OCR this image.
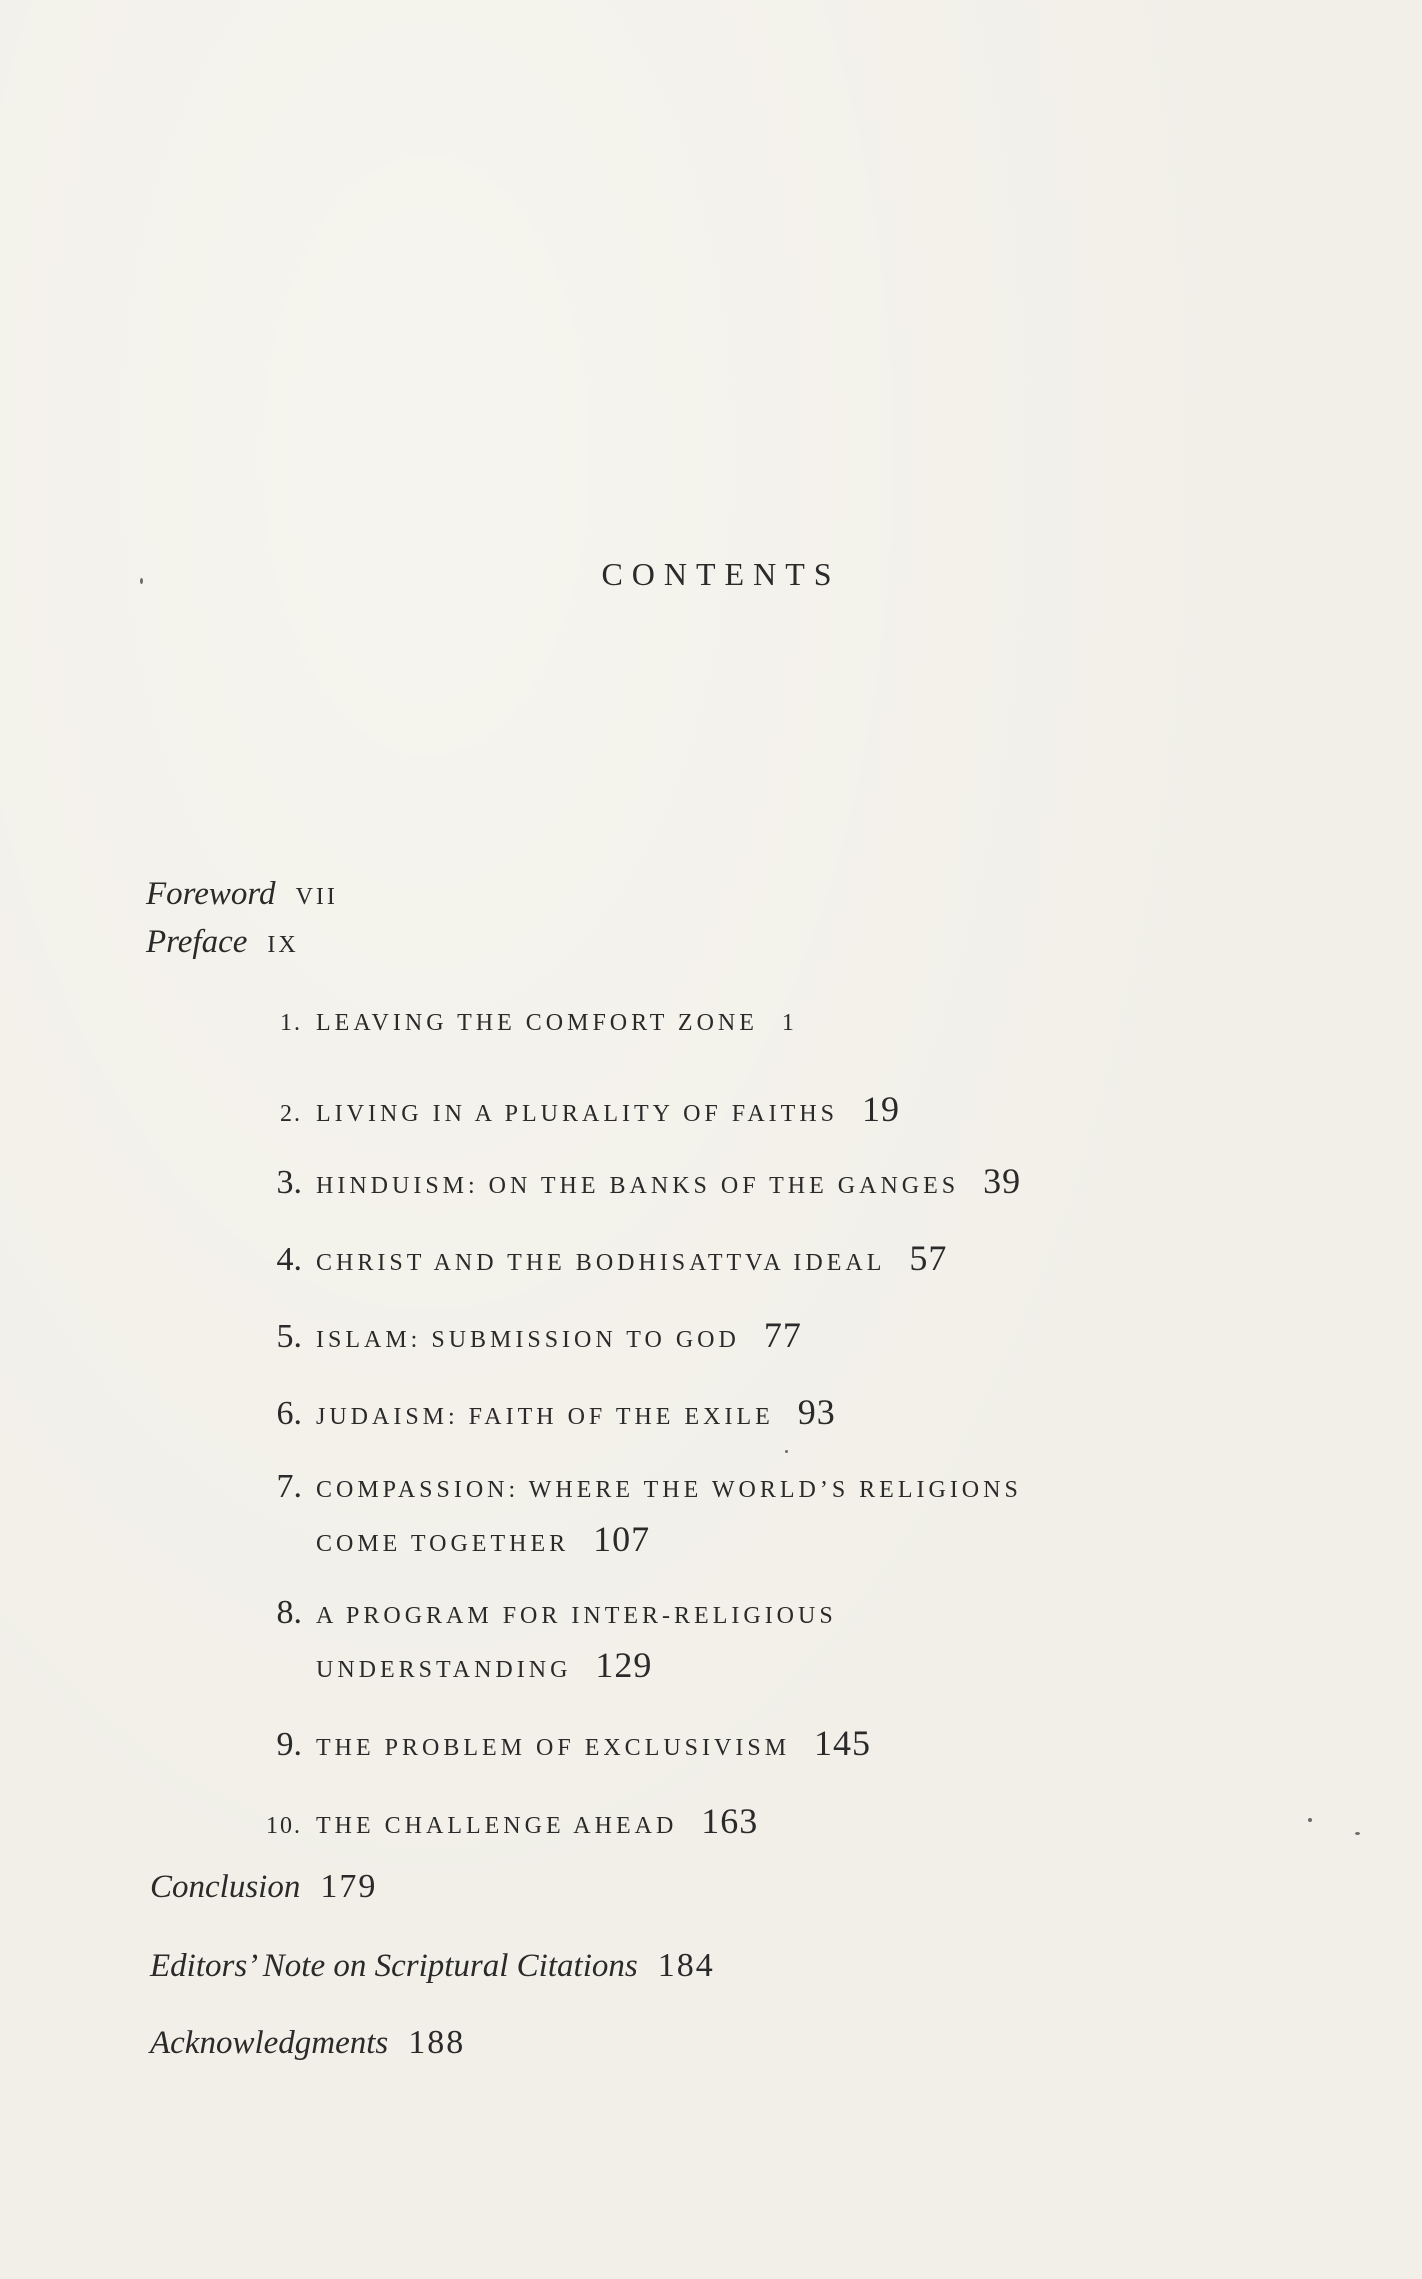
CONTENTS
Foreword VII
Preface IX
1. LEAVING THE COMFORT ZONE 1
2. LIVING IN A PLURALITY OF FAITHS 19
3. HINDUISM: ON THE BANKS OF THE GANGES 39
4. CHRIST AND THE BODHISATTVA IDEAL 57
5. ISLAM: SUBMISSION TO GOD 77
6. JUDAISM: FAITH OF THE EXILE 93
7. COMPASSION: WHERE THE WORLD’S RELIGIONS
COME TOGETHER 107
8. A PROGRAM FOR INTER-RELIGIOUS
UNDERSTANDING 129
9. THE PROBLEM OF EXCLUSIVISM 145
10. THE CHALLENGE AHEAD 163
Conclusion 179
Editors’ Note on Scriptural Citations 184
Acknowledgments 188
